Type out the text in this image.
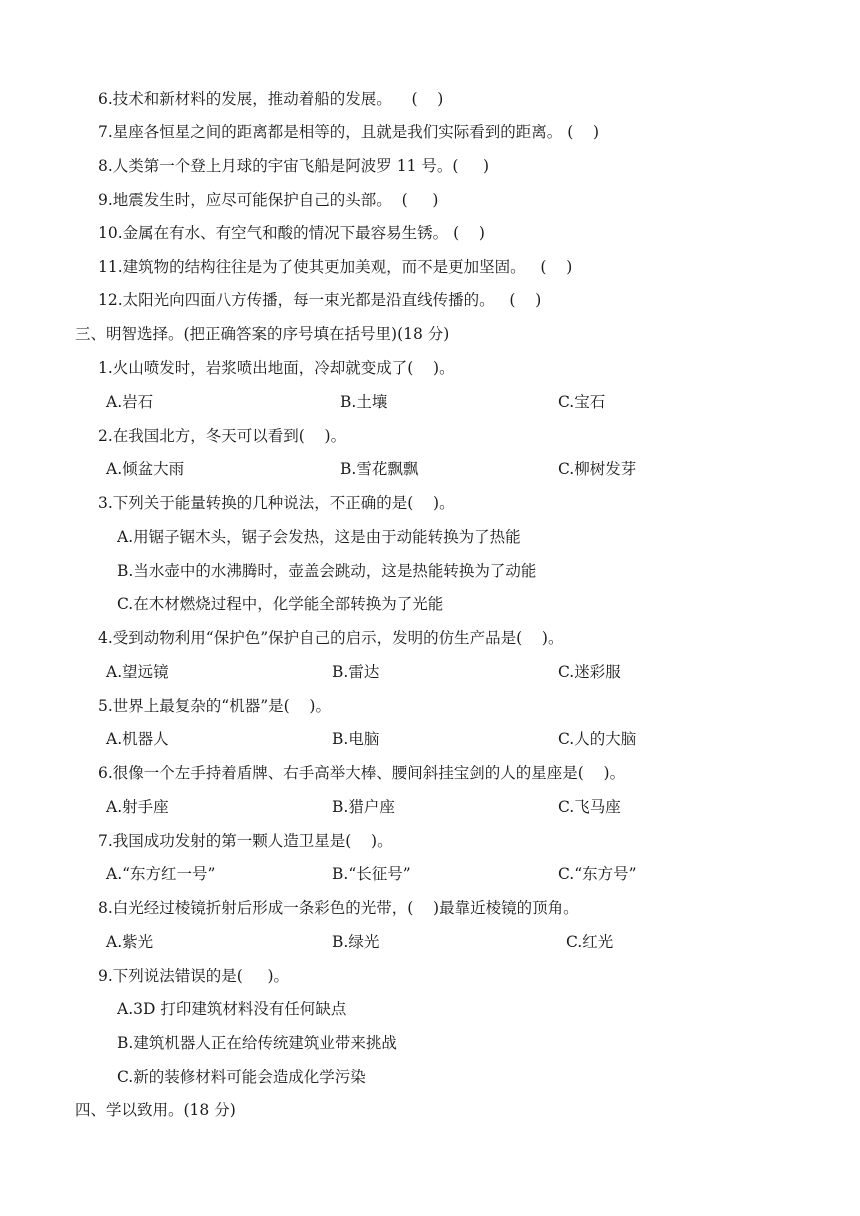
6.技术和新材料的发展，推动着船的发展。    (    )
7.星座各恒星之间的距离都是相等的，且就是我们实际看到的距离。 (    )
8.人类第一个登上月球的宇宙飞船是阿波罗 11 号。(     )
9.地震发生时，应尽可能保护自己的头部。  (     )
10.金属在有水、有空气和酸的情况下最容易生锈。 (    )
11.建筑物的结构往往是为了使其更加美观，而不是更加坚固。   (    )
12.太阳光向四面八方传播，每一束光都是沿直线传播的。   (    )
三、明智选择。(把正确答案的序号填在括号里)(18 分)
1.火山喷发时，岩浆喷出地面，冷却就变成了(    )。
A.岩石	B.土壤	C.宝石
2.在我国北方，冬天可以看到(    )。
A.倾盆大雨	B.雪花飘飘	C.柳树发芽
3.下列关于能量转换的几种说法，不正确的是(    )。
A.用锯子锯木头，锯子会发热，这是由于动能转换为了热能
B.当水壶中的水沸腾时，壶盖会跳动，这是热能转换为了动能
C.在木材燃烧过程中，化学能全部转换为了光能
4.受到动物利用“保护色”保护自己的启示，发明的仿生产品是(    )。
A.望远镜	B.雷达	C.迷彩服
5.世界上最复杂的“机器”是(    )。
A.机器人	B.电脑	C.人的大脑
6.很像一个左手持着盾牌、右手高举大棒、腰间斜挂宝剑的人的星座是(    )。
A.射手座	B.猎户座	C.飞马座
7.我国成功发射的第一颗人造卫星是(    )。
A.“东方红一号”	B.“长征号”	C.“东方号”
8.白光经过棱镜折射后形成一条彩色的光带，(    )最靠近棱镜的顶角。
A.紫光	B.绿光	C.红光
9.下列说法错误的是(     )。
A.3D 打印建筑材料没有任何缺点
B.建筑机器人正在给传统建筑业带来挑战
C.新的装修材料可能会造成化学污染
四、学以致用。(18 分)
